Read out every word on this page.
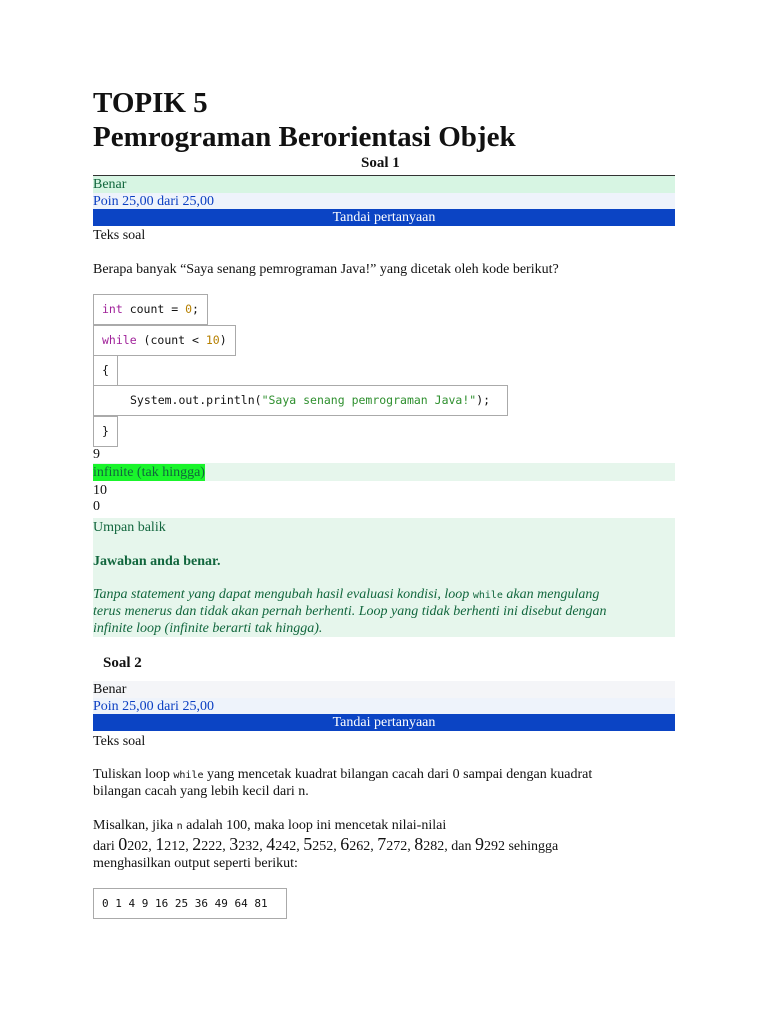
TOPIK 5
Pemrograman Berorientasi Objek
Soal 1
Benar
Poin 25,00 dari 25,00
Tandai pertanyaan
Teks soal
Berapa banyak “Saya senang pemrograman Java!” yang dicetak oleh kode berikut?
int count = 0;
while (count < 10)
{
System.out.println("Saya senang pemrograman Java!");
}
9
infinite (tak hingga)
10
0
Umpan balik
Jawaban anda benar.
Tanpa statement yang dapat mengubah hasil evaluasi kondisi, loop while akan mengulang
terus menerus dan tidak akan pernah berhenti. Loop yang tidak berhenti ini disebut dengan
infinite loop (infinite berarti tak hingga).
Soal 2
Benar
Poin 25,00 dari 25,00
Tandai pertanyaan
Teks soal
Tuliskan loop while yang mencetak kuadrat bilangan cacah dari 0 sampai dengan kuadrat
bilangan cacah yang lebih kecil dari n.
Misalkan, jika n adalah 100, maka loop ini mencetak nilai-nilai
dari 0202, 1212, 2222, 3232, 4242, 5252, 6262, 7272, 8282, dan 9292 sehingga
menghasilkan output seperti berikut:
0 1 4 9 16 25 36 49 64 81
